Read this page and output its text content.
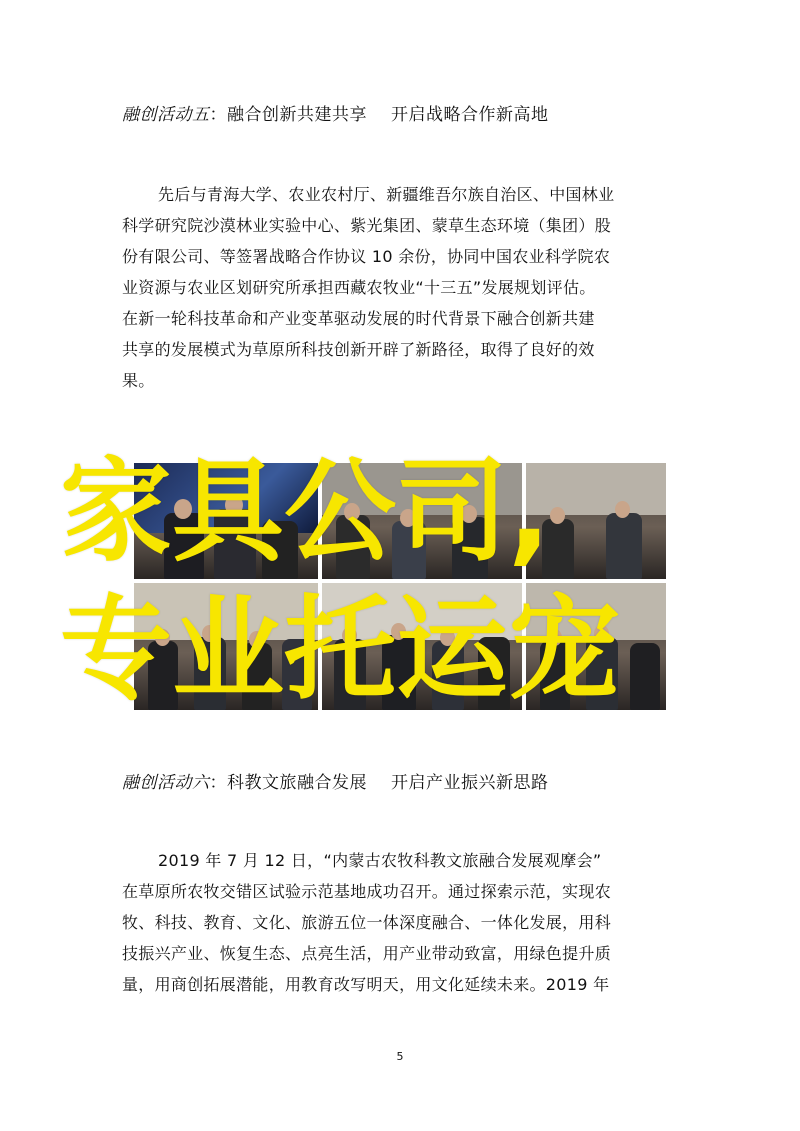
融创活动五：融合创新共建共享 开启战略合作新高地
先后与青海大学、农业农村厅、新疆维吾尔族自治区、中国林业
科学研究院沙漠林业实验中心、紫光集团、蒙草生态环境（集团）股
份有限公司、等签署战略合作协议 10 余份，协同中国农业科学院农
业资源与农业区划研究所承担西藏农牧业“十三五”发展规划评估。
在新一轮科技革命和产业变革驱动发展的时代背景下融合创新共建
共享的发展模式为草原所科技创新开辟了新路径，取得了良好的效
果。
家具公司,
专业托运宠
融创活动六：科教文旅融合发展 开启产业振兴新思路
2019 年 7 月 12 日，“内蒙古农牧科教文旅融合发展观摩会”
在草原所农牧交错区试验示范基地成功召开。通过探索示范，实现农
牧、科技、教育、文化、旅游五位一体深度融合、一体化发展，用科
技振兴产业、恢复生态、点亮生活，用产业带动致富，用绿色提升质
量，用商创拓展潜能，用教育改写明天，用文化延续未来。2019 年
5
